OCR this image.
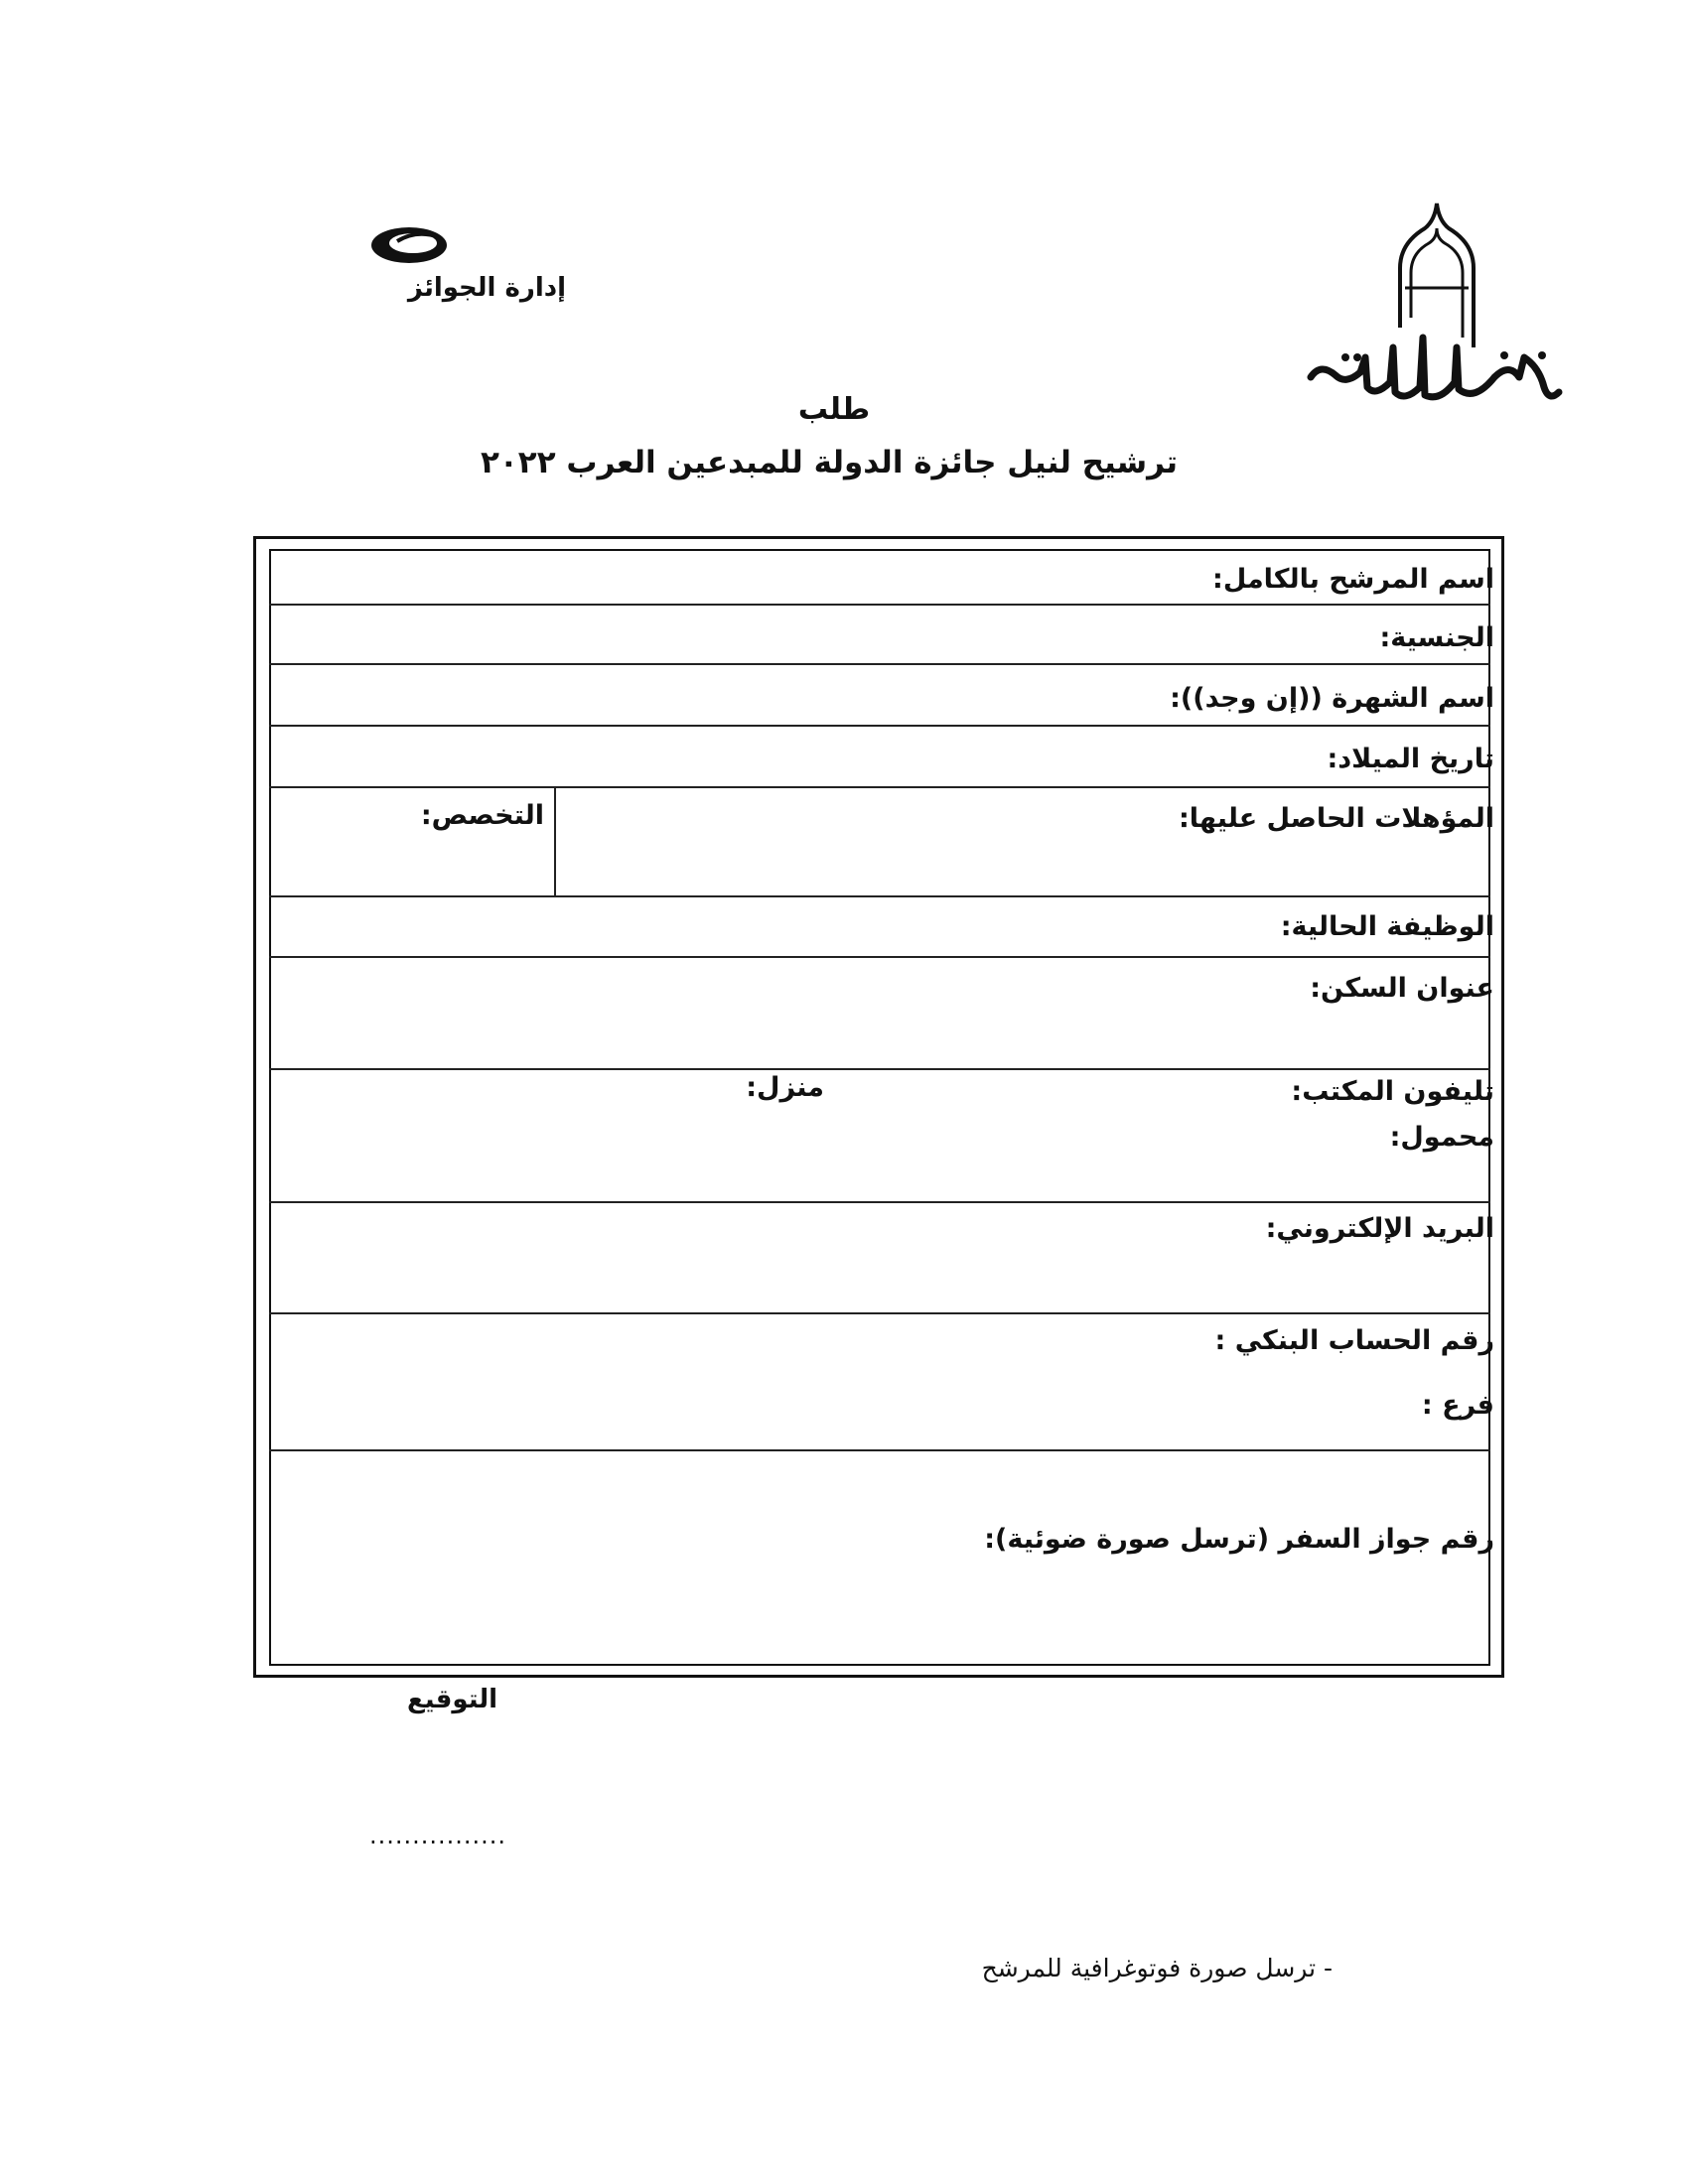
إدارة الجوائز
طلب
ترشيح لنيل جائزة الدولة للمبدعين العرب ٢٠٢٢
اسم المرشح بالكامل:
الجنسية:
اسم الشهرة ((إن وجد)):
تاريخ الميلاد:
المؤهلات الحاصل عليها:
التخصص:
الوظيفة الحالية:
عنوان السكن:
تليفون المكتب:
منزل:
محمول:
البريد الإلكتروني:
رقم الحساب البنكي :
فرع :
رقم جواز السفر (ترسل صورة ضوئية):
التوقيع
................
- ترسل صورة فوتوغرافية للمرشح
